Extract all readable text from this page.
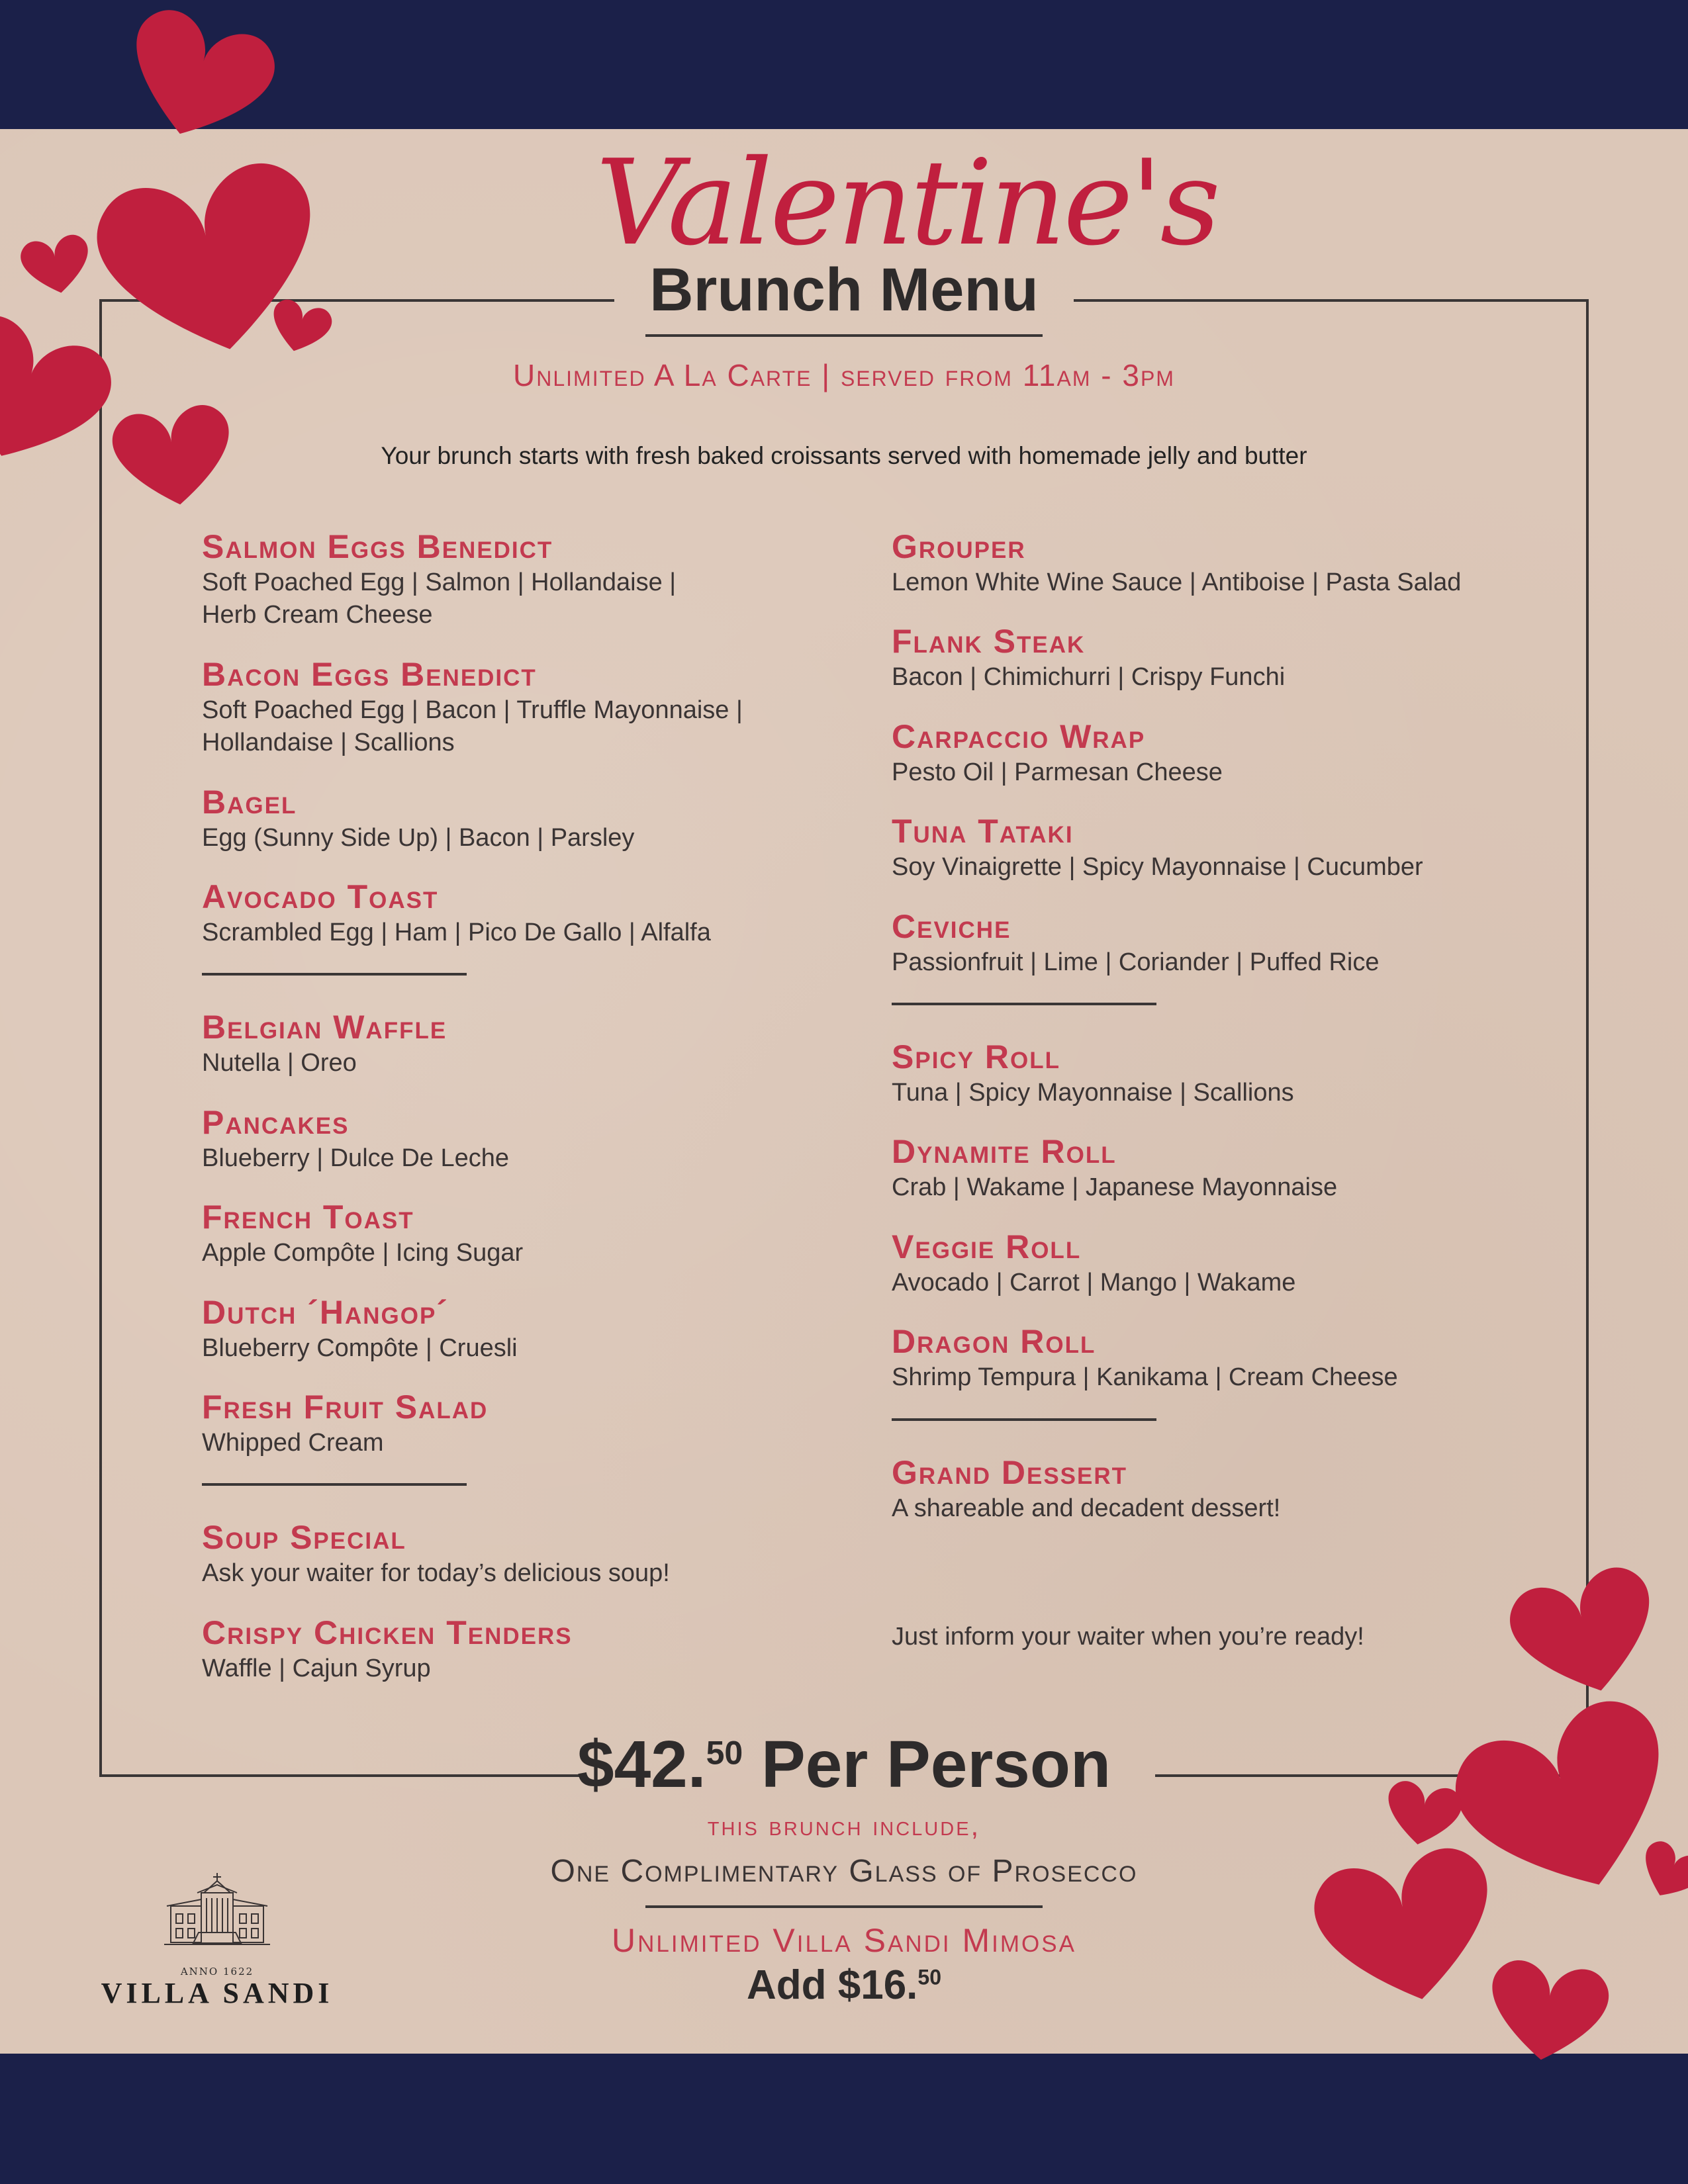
Valentine's
Brunch Menu
Unlimited A La Carte | served from 11am - 3pm
Your brunch starts with fresh baked croissants served with homemade jelly and butter
Salmon Eggs Benedict
Soft Poached Egg | Salmon | Hollandaise |
Herb Cream Cheese
Bacon Eggs Benedict
Soft Poached Egg | Bacon | Truffle Mayonnaise |
Hollandaise | Scallions
Bagel
Egg (Sunny Side Up) | Bacon | Parsley
Avocado Toast
Scrambled Egg | Ham | Pico De Gallo | Alfalfa
Belgian Waffle
Nutella | Oreo
Pancakes
Blueberry | Dulce De Leche
French Toast
Apple Compôte | Icing Sugar
Dutch ´Hangop´
Blueberry Compôte | Cruesli
Fresh Fruit Salad
Whipped Cream
Soup Special
Ask your waiter for today’s delicious soup!
Crispy Chicken Tenders
Waffle | Cajun Syrup
Grouper
Lemon White Wine Sauce | Antiboise | Pasta Salad
Flank Steak
Bacon | Chimichurri | Crispy Funchi
Carpaccio Wrap
Pesto Oil | Parmesan Cheese
Tuna Tataki
Soy Vinaigrette | Spicy Mayonnaise | Cucumber
Ceviche
Passionfruit | Lime | Coriander | Puffed Rice
Spicy Roll
Tuna | Spicy Mayonnaise | Scallions
Dynamite Roll
Crab | Wakame | Japanese Mayonnaise
Veggie Roll
Avocado | Carrot | Mango | Wakame
Dragon Roll
Shrimp Tempura | Kanikama | Cream Cheese
Grand Dessert
A shareable and decadent dessert!
Just inform your waiter when you’re ready!
$42.50 Per Person
this brunch include,
One Complimentary Glass of Prosecco
Unlimited Villa Sandi Mimosa
Add $16.50
ANNO 1622
VILLA SANDI
